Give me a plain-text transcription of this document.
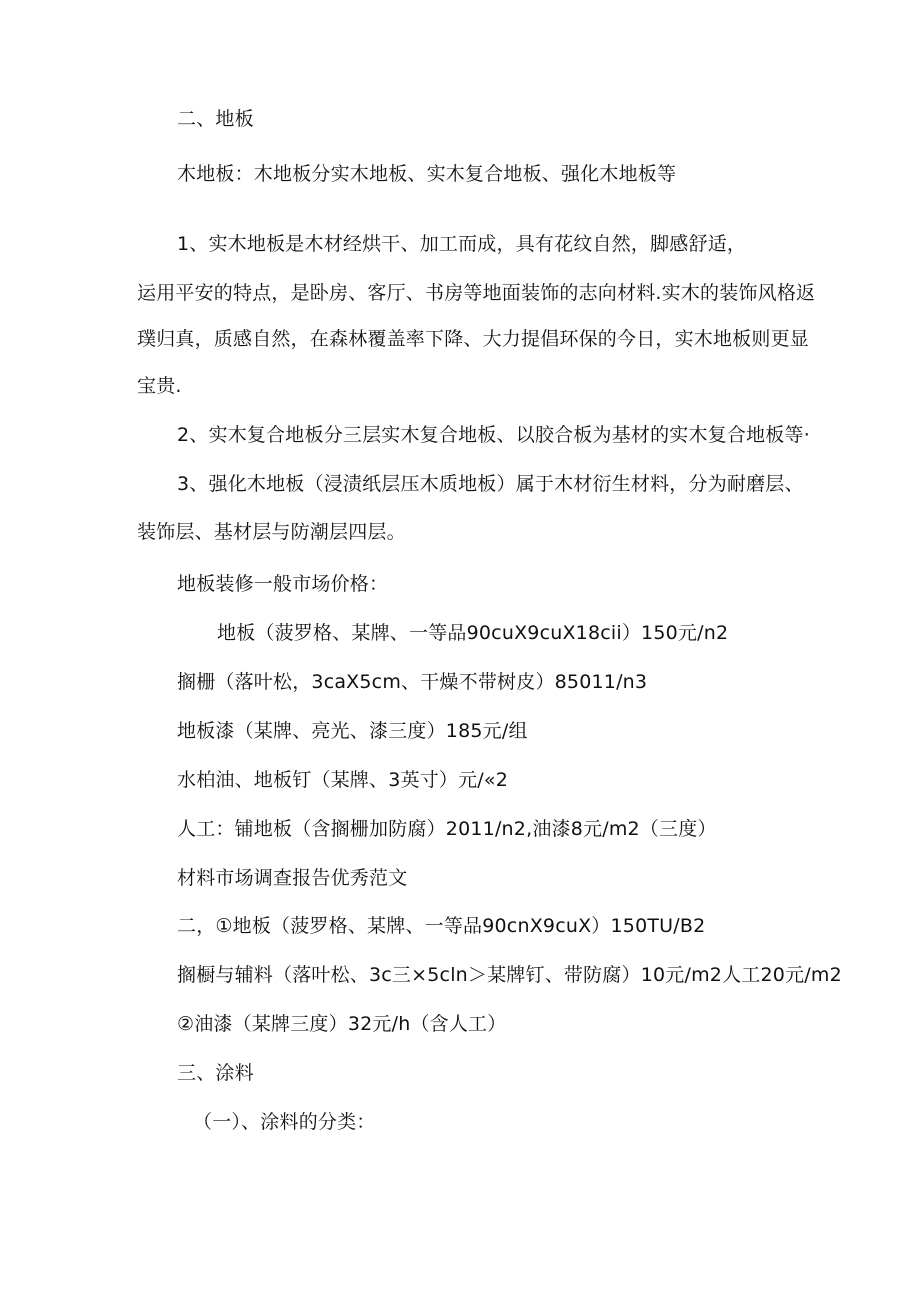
二、地板
木地板：木地板分实木地板、实木复合地板、强化木地板等
1、实木地板是木材经烘干、加工而成，具有花纹自然，脚感舒适，
运用平安的特点，是卧房、客厅、书房等地面装饰的志向材料.实木的装饰风格返
璞归真，质感自然，在森林覆盖率下降、大力提倡环保的今日，实木地板则更显
宝贵.
2、实木复合地板分三层实木复合地板、以胶合板为基材的实木复合地板等·
3、强化木地板（浸渍纸层压木质地板）属于木材衍生材料，分为耐磨层、
装饰层、基材层与防潮层四层。
地板装修一般市场价格：
地板（菠罗格、某牌、一等品90cuX9cuX18cii）150元∕n2
搁栅（落叶松，3caX5cm、干燥不带树皮）85011∕n3
地板漆（某牌、亮光、漆三度）185元/组
水柏油、地板钉（某牌、3英寸）元/«2
人工：铺地板（含搁栅加防腐）2011∕n2,油漆8元/m2（三度）
材料市场调查报告优秀范文
二，①地板（菠罗格、某牌、一等品90cnX9cuX）150TU∕B2
搁橱与辅料（落叶松、3c三×5cln＞某牌钉、带防腐）10元/m2人工20元/m2
②油漆（某牌三度）32元∕h（含人工）
三、涂料
（一）、涂料的分类：
